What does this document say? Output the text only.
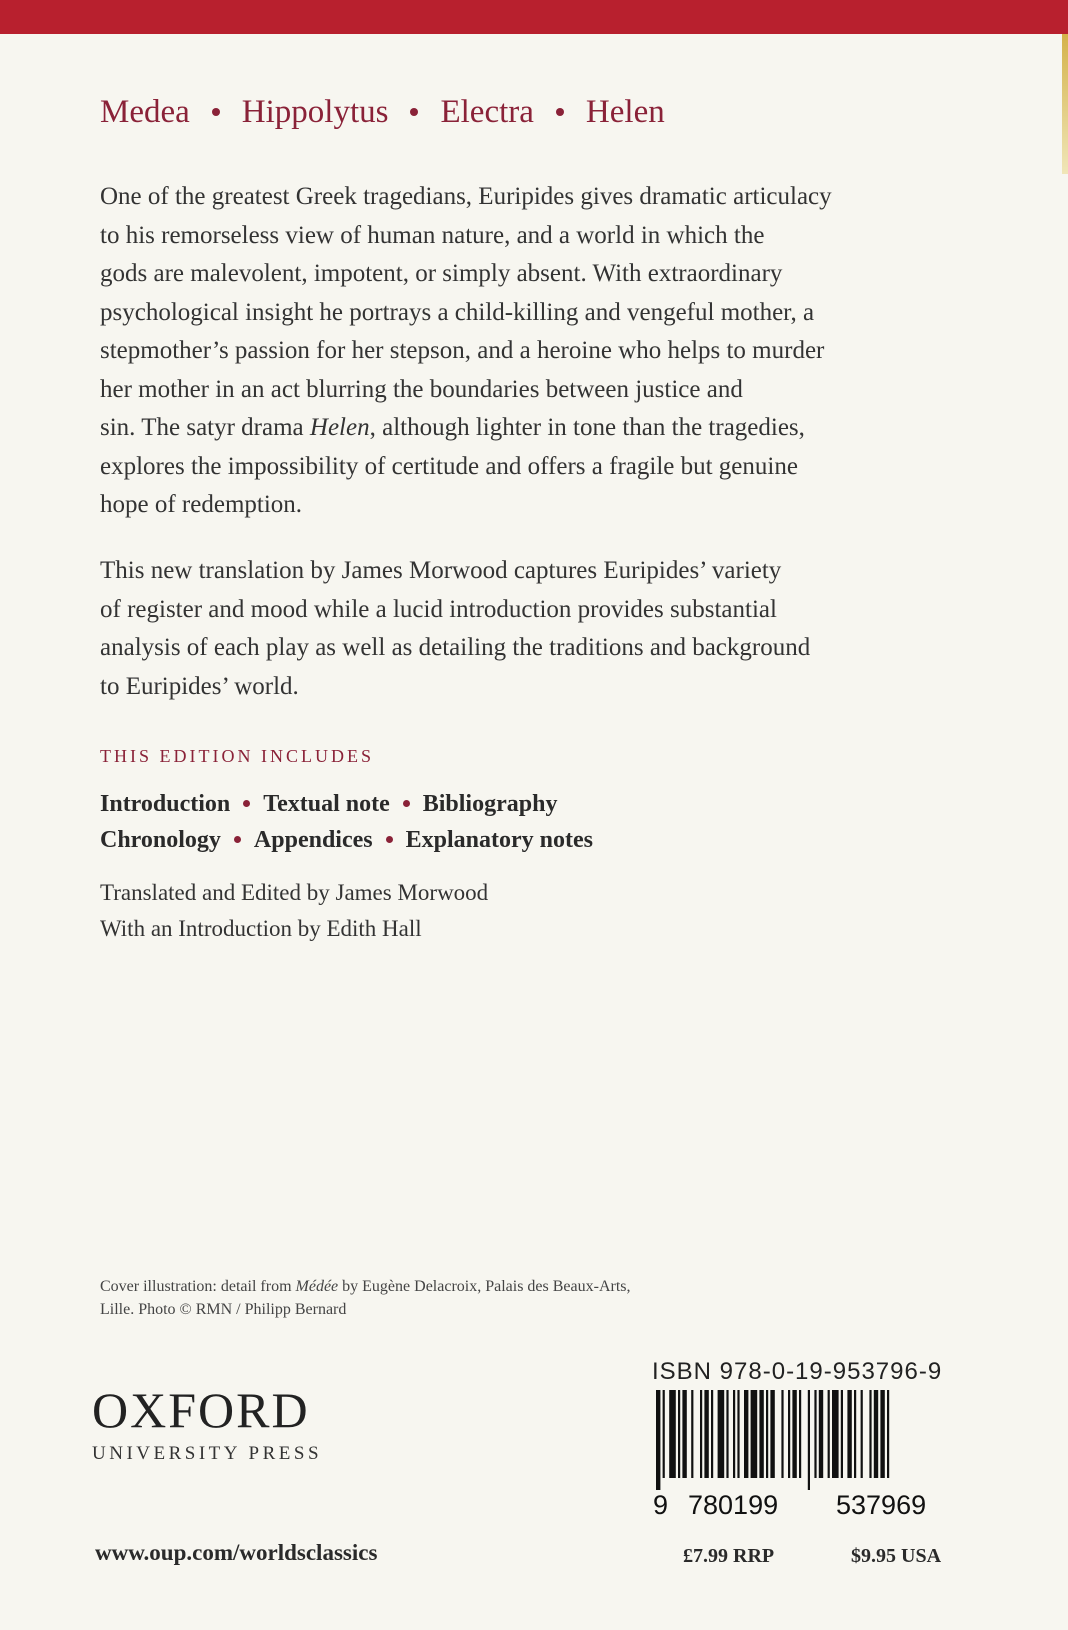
Medea Hippolytus Electra Helen

One of the greatest Greek tragedians, Euripides gives dramatic articulacy
to his remorseless view of human nature, and a world in which the
gods are malevolent, impotent, or simply absent. With extraordinary
psychological insight he portrays a child-killing and vengeful mother, a
stepmother’s passion for her stepson, and a heroine who helps to murder
her mother in an act blurring the boundaries between justice and
sin. The satyr drama Helen, although lighter in tone than the tragedies,
explores the impossibility of certitude and offers a fragile but genuine
hope of redemption.

This new translation by James Morwood captures Euripides’ variety
of register and mood while a lucid introduction provides substantial
analysis of each play as well as detailing the traditions and background
to Euripides’ world.

THIS EDITION INCLUDES
Introduction Textual note Bibliography
Chronology Appendices Explanatory notes
Translated and Edited by James Morwood
With an Introduction by Edith Hall
Cover illustration: detail from Médée by Eugène Delacroix, Palais des Beaux-Arts,
Lille. Photo © RMN / Philipp Bernard
OXFORD
UNIVERSITY PRESS
www.oup.com/worldsclassics
ISBN 978-0-19-953796-9
9 780199 537969
£7.99 RRP	$9.95 USA
